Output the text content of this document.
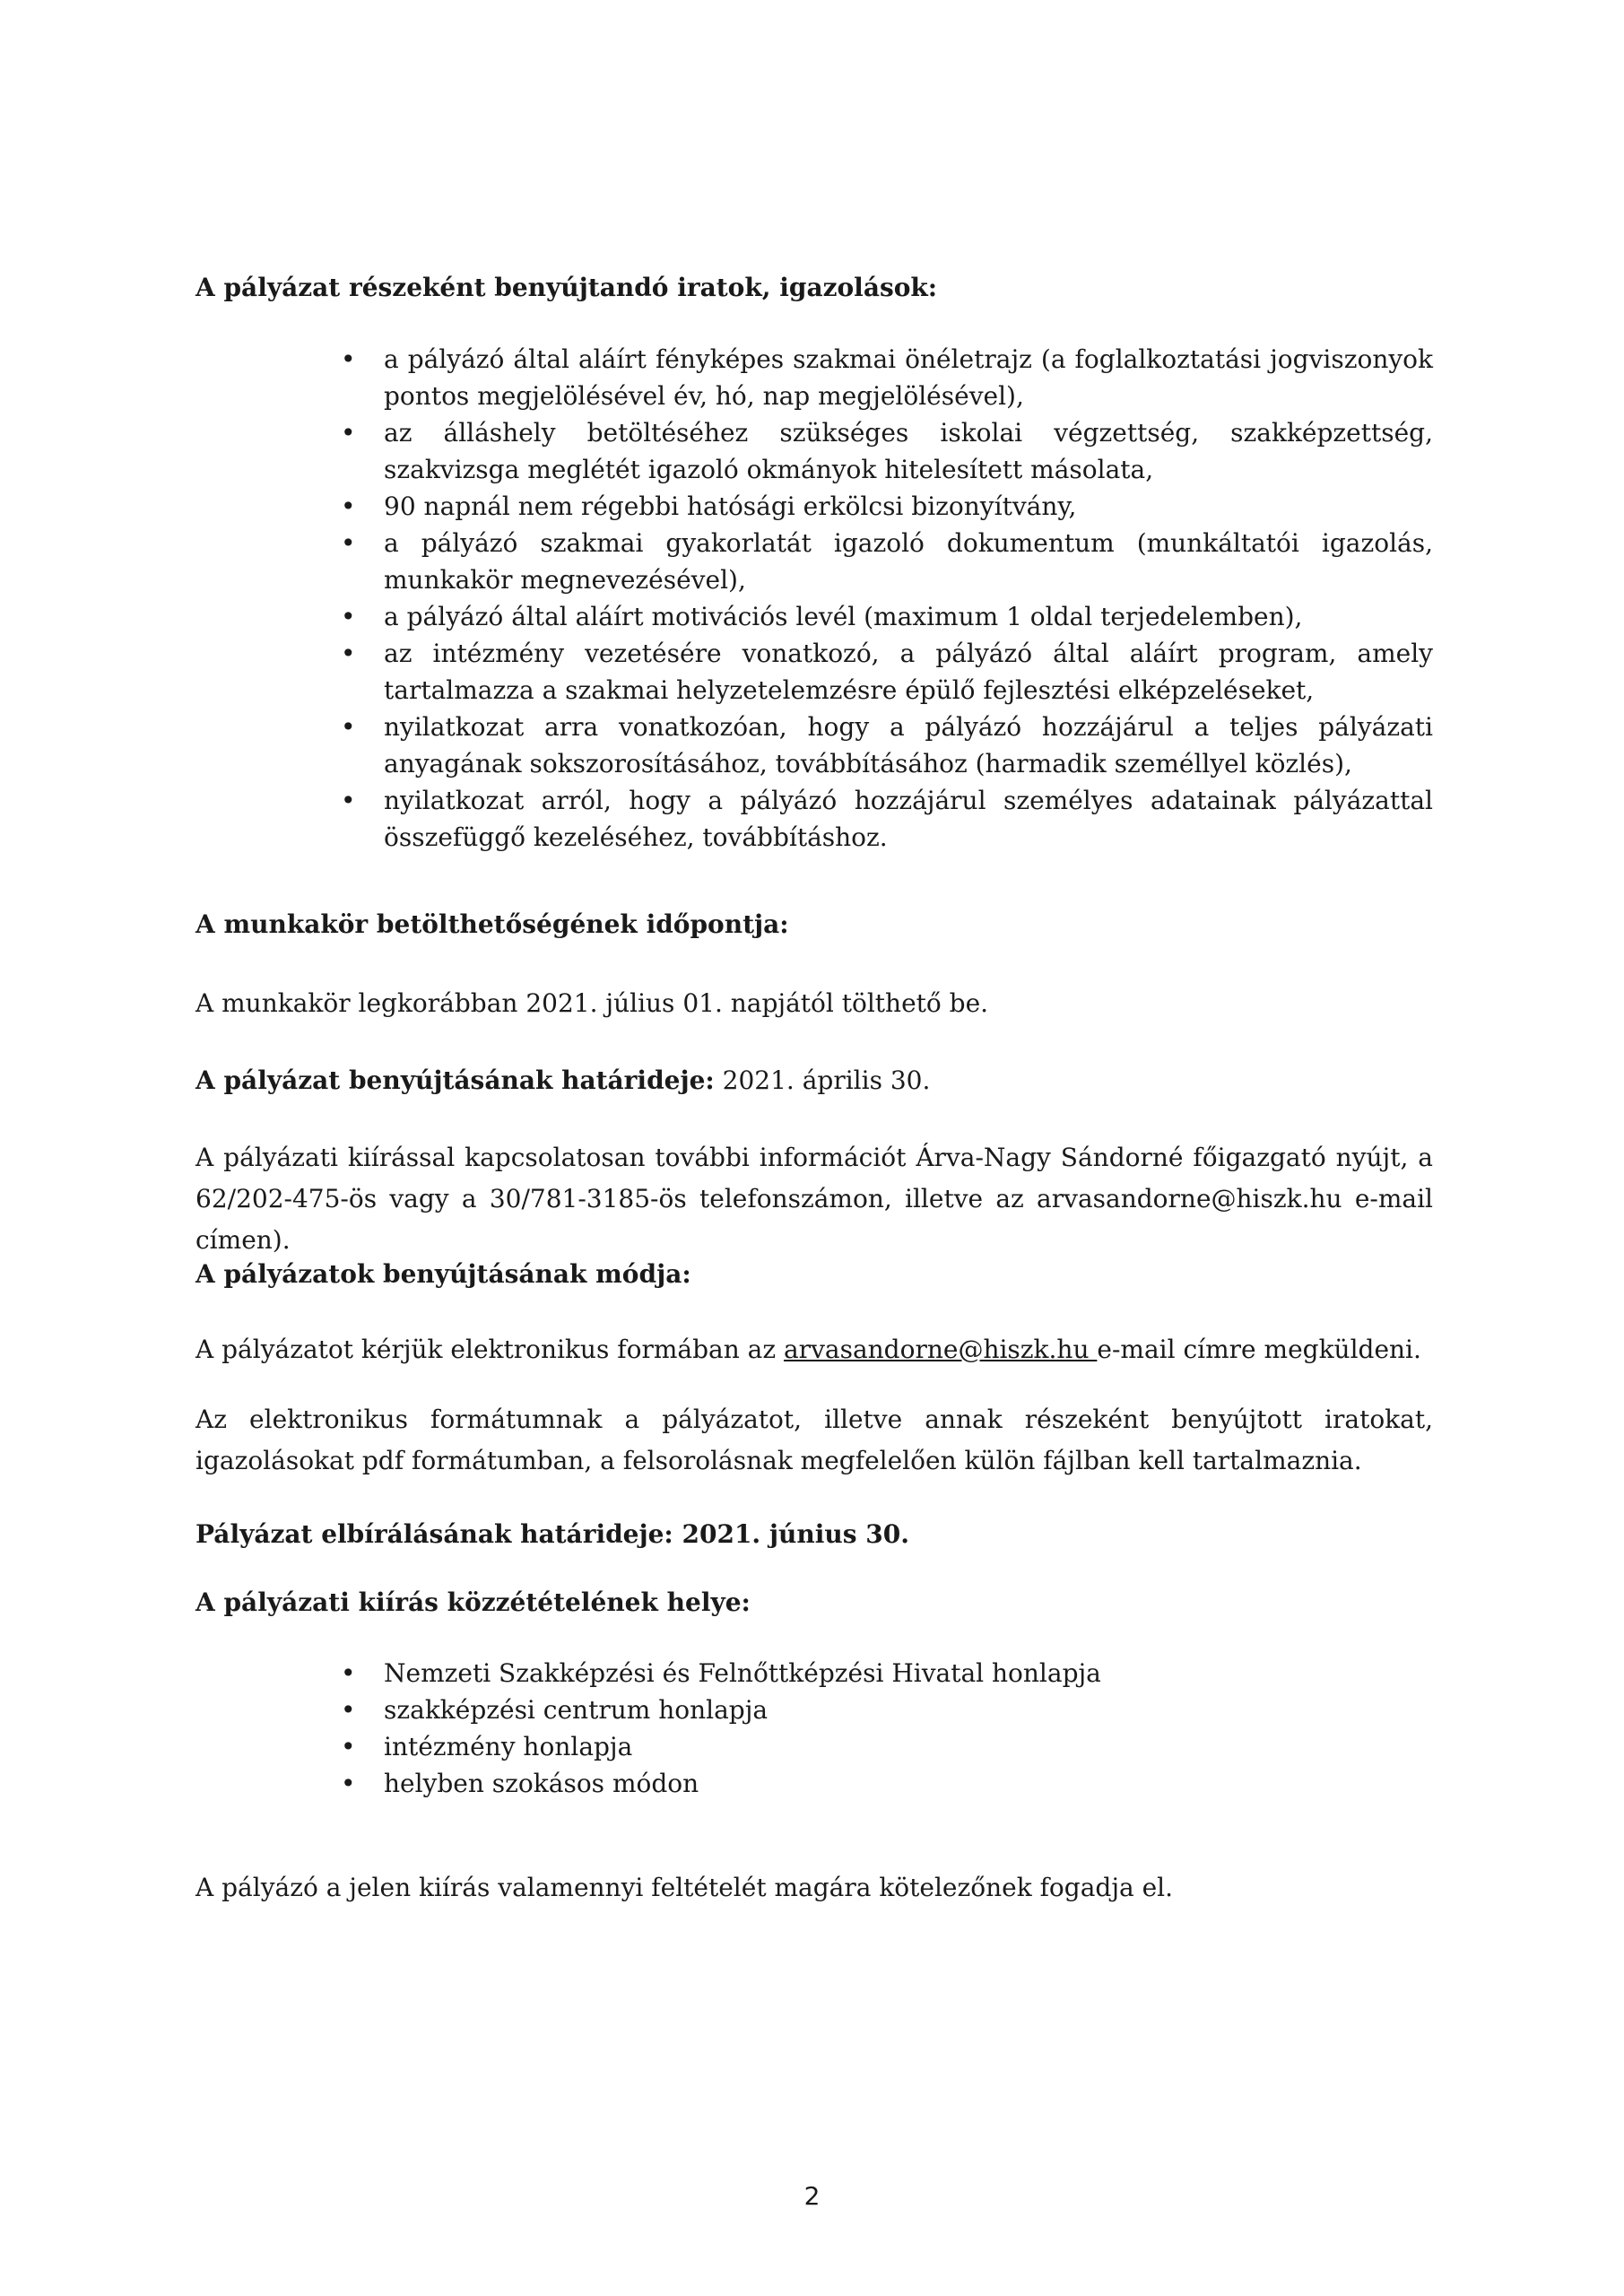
A pályázat részeként benyújtandó iratok, igazolások:

• a pályázó által aláírt fényképes szakmai önéletrajz (a foglalkoztatási jogviszonyok pontos megjelölésével év, hó, nap megjelölésével),
• az álláshely betöltéséhez szükséges iskolai végzettség, szakképzettség, szakvizsga meglétét igazoló okmányok hitelesített másolata,
• 90 napnál nem régebbi hatósági erkölcsi bizonyítvány,
• a pályázó szakmai gyakorlatát igazoló dokumentum (munkáltatói igazolás, munkakör megnevezésével),
• a pályázó által aláírt motivációs levél (maximum 1 oldal terjedelemben),
• az intézmény vezetésére vonatkozó, a pályázó által aláírt program, amely tartalmazza a szakmai helyzetelemzésre épülő fejlesztési elképzeléseket,
• nyilatkozat arra vonatkozóan, hogy a pályázó hozzájárul a teljes pályázati anyagának sokszorosításához, továbbításához (harmadik személlyel közlés),
• nyilatkozat arról, hogy a pályázó hozzájárul személyes adatainak pályázattal összefüggő kezeléséhez, továbbításhoz.

A munkakör betölthetőségének időpontja:

A munkakör legkorábban 2021. július 01. napjától tölthető be.

A pályázat benyújtásának határideje: 2021. április 30.

A pályázati kiírással kapcsolatosan további információt Árva-Nagy Sándorné főigazgató nyújt, a 62/202-475-ös vagy a 30/781-3185-ös telefonszámon, illetve az arvasandorne@hiszk.hu e-mail címen).

A pályázatok benyújtásának módja:

A pályázatot kérjük elektronikus formában az arvasandorne@hiszk.hu e-mail címre megküldeni.

Az elektronikus formátumnak a pályázatot, illetve annak részeként benyújtott iratokat, igazolásokat pdf formátumban, a felsorolásnak megfelelően külön fájlban kell tartalmaznia.

Pályázat elbírálásának határideje: 2021. június 30.

A pályázati kiírás közzétételének helye:

• Nemzeti Szakképzési és Felnőttképzési Hivatal honlapja
• szakképzési centrum honlapja
• intézmény honlapja
• helyben szokásos módon

A pályázó a jelen kiírás valamennyi feltételét magára kötelezőnek fogadja el.

2
